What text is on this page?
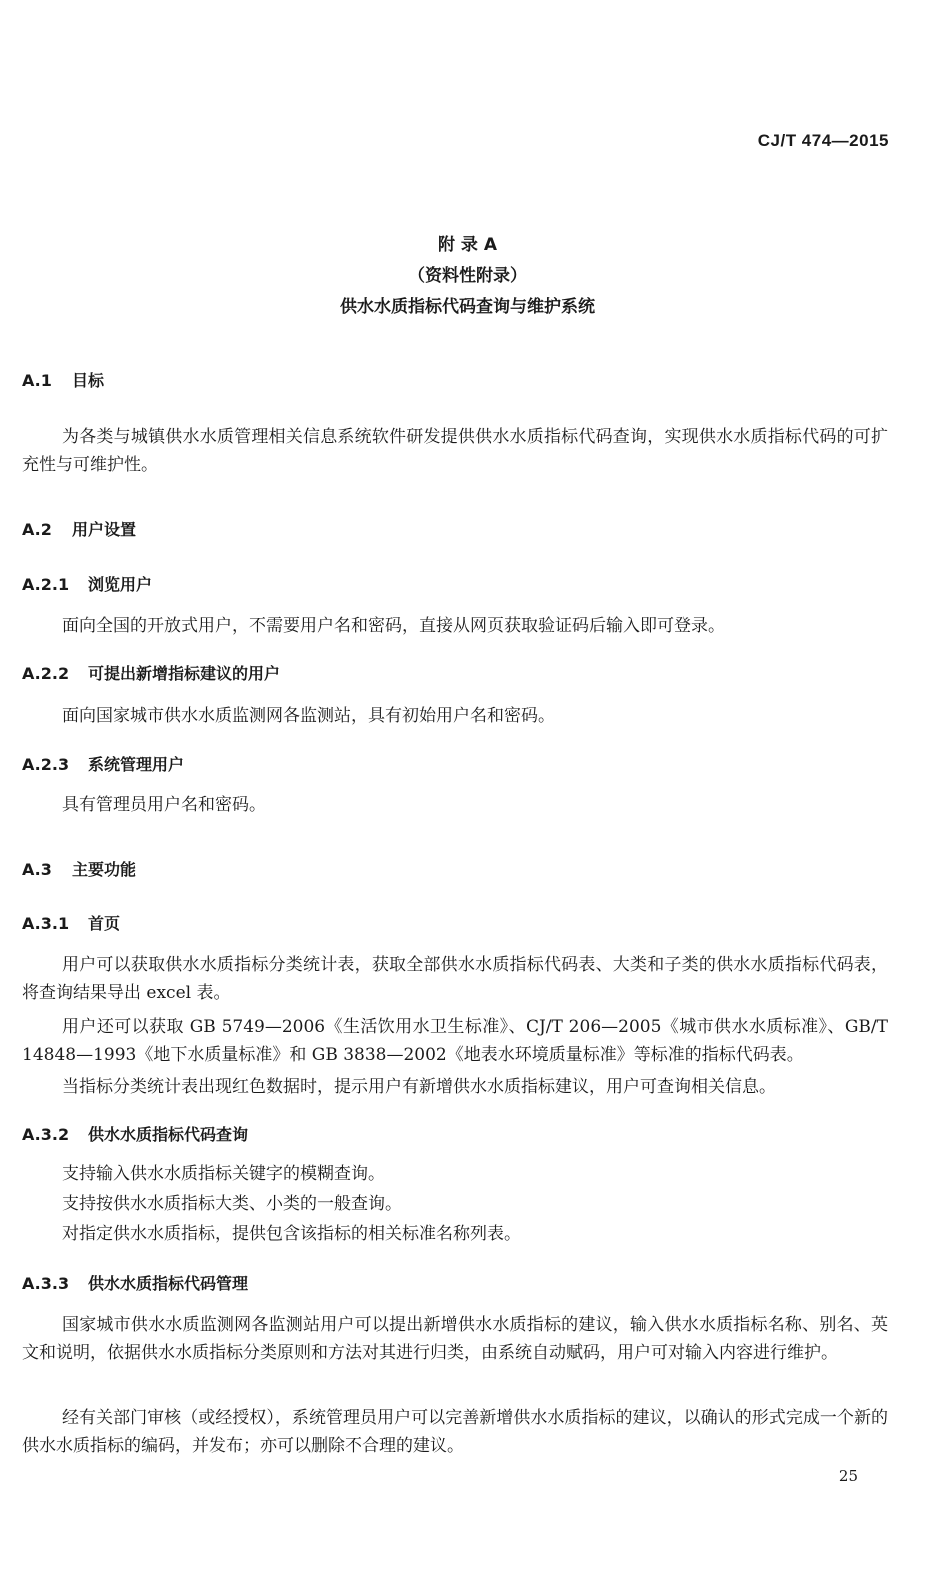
CJ/T 474—2015
附 录 A
（资料性附录）
供水水质指标代码查询与维护系统
A.1 目标

为各类与城镇供水水质管理相关信息系统软件研发提供供水水质指标代码查询，实现供水水质指标代码的可扩充性与可维护性。

A.2 用户设置
A.2.1 浏览用户

面向全国的开放式用户，不需要用户名和密码，直接从网页获取验证码后输入即可登录。

A.2.2 可提出新增指标建议的用户

面向国家城市供水水质监测网各监测站，具有初始用户名和密码。

A.2.3 系统管理用户

具有管理员用户名和密码。

A.3 主要功能
A.3.1 首页

用户可以获取供水水质指标分类统计表，获取全部供水水质指标代码表、大类和子类的供水水质指标代码表，将查询结果导出 excel 表。

用户还可以获取 GB 5749—2006《生活饮用水卫生标准》、CJ/T 206—2005《城市供水水质标准》、GB/T 14848—1993《地下水质量标准》和 GB 3838—2002《地表水环境质量标准》等标准的指标代码表。

当指标分类统计表出现红色数据时，提示用户有新增供水水质指标建议，用户可查询相关信息。

A.3.2 供水水质指标代码查询

支持输入供水水质指标关键字的模糊查询。

支持按供水水质指标大类、小类的一般查询。

对指定供水水质指标，提供包含该指标的相关标准名称列表。

A.3.3 供水水质指标代码管理

国家城市供水水质监测网各监测站用户可以提出新增供水水质指标的建议，输入供水水质指标名称、别名、英文和说明，依据供水水质指标分类原则和方法对其进行归类，由系统自动赋码，用户可对输入内容进行维护。

经有关部门审核（或经授权），系统管理员用户可以完善新增供水水质指标的建议，以确认的形式完成一个新的供水水质指标的编码，并发布；亦可以删除不合理的建议。

25
